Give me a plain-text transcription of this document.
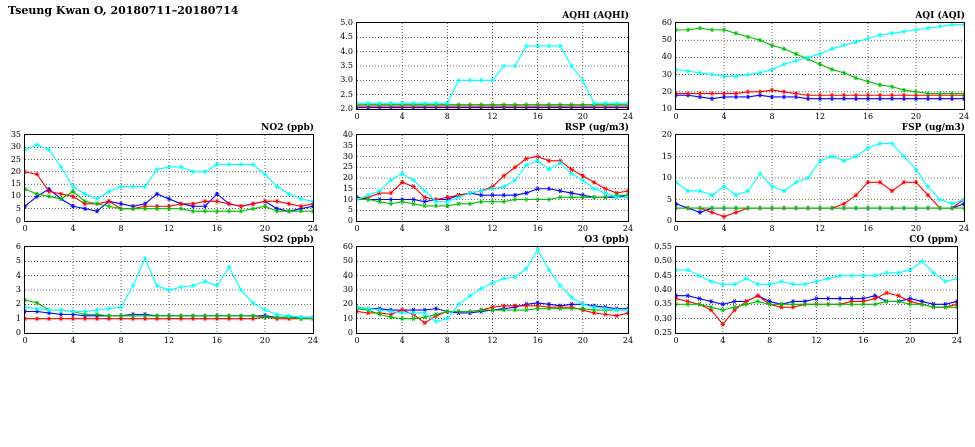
Tseung Kwan O, 20180711–20180714	AQHI (AQHI)
0	4	8	12	16	20	24
2.0
2.5
3.0
3.5
4.0
4.5
5.0
AQI (AQI)
0	4	8	12	16	20	24
10
20
30
40
50
60
NO2 (ppb)
0	4	8	12	16	20	24
0
5
10
15
20
25
30
35
RSP (ug/m3)
0	4	8	12	16	20	24
0
5
10
15
20
25
30
35
40
FSP (ug/m3)
0	4	8	12	16	20	24
0
5
10
15
20
SO2 (ppb)
0	4	8	12	16	20	24
0
1
2
3
4
5
6
O3 (ppb)
0	4	8	12	16	20	24
0
10
20
30
40
50
60
CO (ppm)
0	4	8	12	16	20	24
0.25
0.30
0.35
0.40
0.45
0.50
0.55
